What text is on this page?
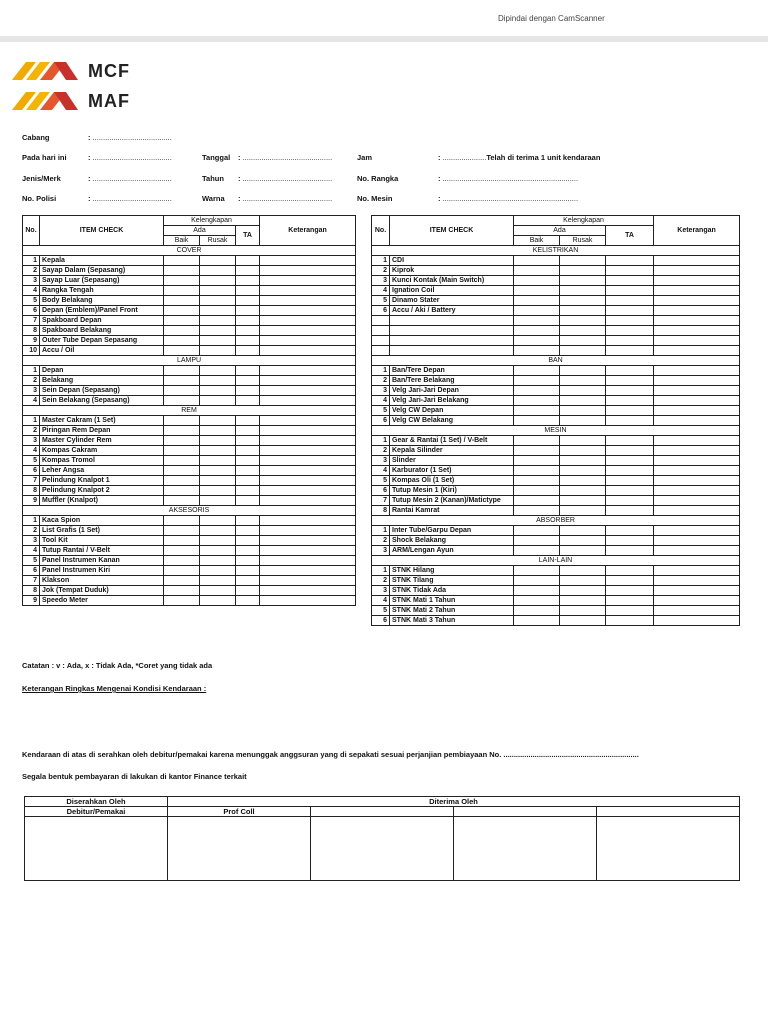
Dipindai dengan CamScanner
MCF
MAF
Cabang	: ......................................
Pada hari ini	: ......................................	Tanggal : ...........................................	Jam	: .....................Telah di terima 1 unit kendaraan
Jenis/Merk	: ......................................	Tahun : ...........................................	No. Rangka	: .................................................................
No. Polisi	: ......................................	Warna : ...........................................	No. Mesin	: .................................................................
No.	ITEM CHECK	Kelengkapan			Keterangan
		Ada		TA	
		Baik	Rusak		
COVER					
1	Kepala				
2	Sayap Dalam (Sepasang)				
3	Sayap Luar (Sepasang)				
4	Rangka Tengah				
5	Body Belakang				
6	Depan (Emblem)/Panel Front				
7	Spakboard Depan				
8	Spakboard Belakang				
9	Outer Tube Depan Sepasang				
10	Accu / Oil				
LAMPU					
1	Depan				
2	Belakang				
3	Sein Depan (Sepasang)				
4	Sein Belakang (Sepasang)				
REM					
1	Master Cakram (1 Set)				
2	Piringan Rem Depan				
3	Master Cylinder Rem				
4	Kompas Cakram				
5	Kompas Tromol				
6	Leher Angsa				
7	Pelindung Knalpot 1				
8	Pelindung Knalpot 2				
9	Muffler (Knalpot)				
AKSESORIS					
1	Kaca Spion				
2	List Grafis (1 Set)				
3	Tool Kit				
4	Tutup Rantai / V-Belt				
5	Panel Instrumen Kanan				
6	Panel Instrumen Kiri				
7	Klakson				
8	Jok (Tempat Duduk)				
9	Speedo Meter				
No.	ITEM CHECK	Kelengkapan			Keterangan
		Ada		TA	
		Baik	Rusak		
KELISTRIKAN					
1	CDI				
2	Kiprok				
3	Kunci Kontak (Main Switch)				
4	Ignation Coil				
5	Dinamo Stater				
6	Accu / Aki / Battery				

BAN					
1	Ban/Tere Depan				
2	Ban/Tere Belakang				
3	Velg Jari-Jari Depan				
4	Velg Jari-Jari Belakang				
5	Velg CW Depan				
6	Velg CW Belakang				
MESIN					
1	Gear & Rantai (1 Set) / V-Belt				
2	Kepala Silinder				
3	Slinder				
4	Karburator (1 Set)				
5	Kompas Oli (1 Set)				
6	Tutup Mesin 1 (Kiri)				
7	Tutup Mesin 2 (Kanan)/Matictype				
8	Rantai Kamrat				
ABSORBER					
1	Inter Tube/Garpu Depan				
2	Shock Belakang				
3	ARM/Lengan Ayun				
LAIN-LAIN					
1	STNK Hilang				
2	STNK Tilang				
3	STNK Tidak Ada				
4	STNK Mati 1 Tahun				
5	STNK Mati 2 Tahun				
6	STNK Mati 3 Tahun				
Catatan : v : Ada, x : Tidak Ada, *Coret yang tidak ada
Keterangan Ringkas Mengenai Kondisi Kendaraan :
Kendaraan di atas di serahkan oleh debitur/pemakai karena menunggak anggsuran yang di sepakati sesuai perjanjian pembiayaan No. .................................................................
Segala bentuk pembayaran di lakukan di kantor Finance terkait
Diserahkan Oleh	Diterima Oleh			
Debitur/Pemakai	Prof Coll			
